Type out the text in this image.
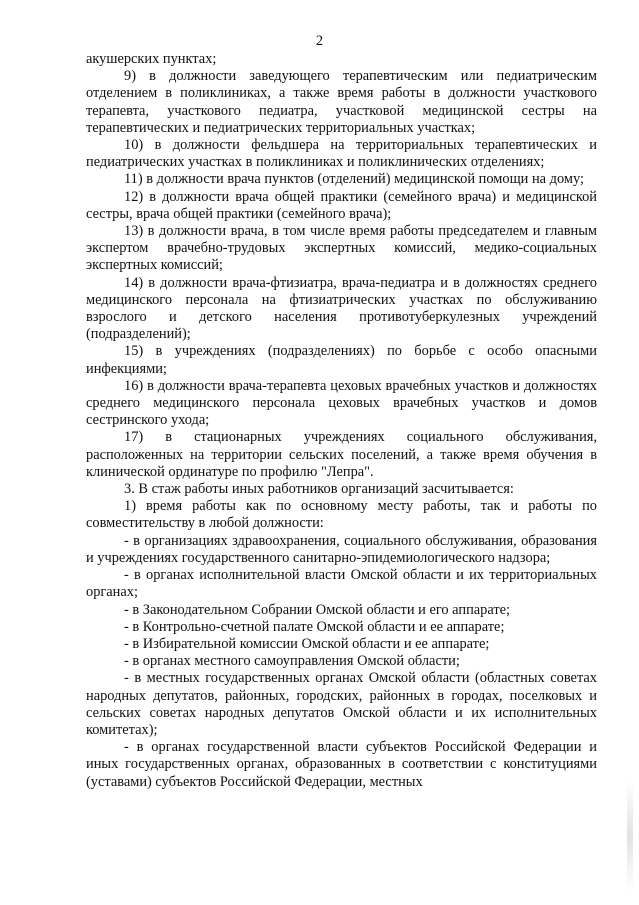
2

акушерских пунктах;

9) в должности заведующего терапевтическим или педиатрическим отделением в поликлиниках, а также время работы в должности участкового терапевта, участкового педиатра, участковой медицинской сестры на терапевтических и педиатрических территориальных участках;

10) в должности фельдшера на территориальных терапевтических и педиатрических участках в поликлиниках и поликлинических отделениях;

11) в должности врача пунктов (отделений) медицинской помощи на дому;

12) в должности врача общей практики (семейного врача) и медицинской сестры, врача общей практики (семейного врача);

13) в должности врача, в том числе время работы председателем и главным экспертом врачебно-трудовых экспертных комиссий, медико-социальных экспертных комиссий;

14) в должности врача-фтизиатра, врача-педиатра и в должностях среднего медицинского персонала на фтизиатрических участках по обслуживанию взрослого и детского населения противотуберкулезных учреждений (подразделений);

15) в учреждениях (подразделениях) по борьбе с особо опасными инфекциями;

16) в должности врача-терапевта цеховых врачебных участков и должностях среднего медицинского персонала цеховых врачебных участков и домов сестринского ухода;

17) в стационарных учреждениях социального обслуживания, расположенных на территории сельских поселений, а также время обучения в клинической ординатуре по профилю "Лепра".

3. В стаж работы иных работников организаций засчитывается:

1) время работы как по основному месту работы, так и работы по совместительству в любой должности:

- в организациях здравоохранения, социального обслуживания, образования и учреждениях государственного санитарно-эпидемиологического надзора;

- в органах исполнительной власти Омской области и их территориальных органах;

- в Законодательном Собрании Омской области и его аппарате;

- в Контрольно-счетной палате Омской области и ее аппарате;

- в Избирательной комиссии Омской области и ее аппарате;

- в органах местного самоуправления Омской области;

- в местных государственных органах Омской области (областных советах народных депутатов, районных, городских, районных в городах, поселковых и сельских советах народных депутатов Омской области и их исполнительных комитетах);

- в органах государственной власти субъектов Российской Федерации и иных государственных органах, образованных в соответствии с конституциями (уставами) субъектов Российской Федерации, местных
